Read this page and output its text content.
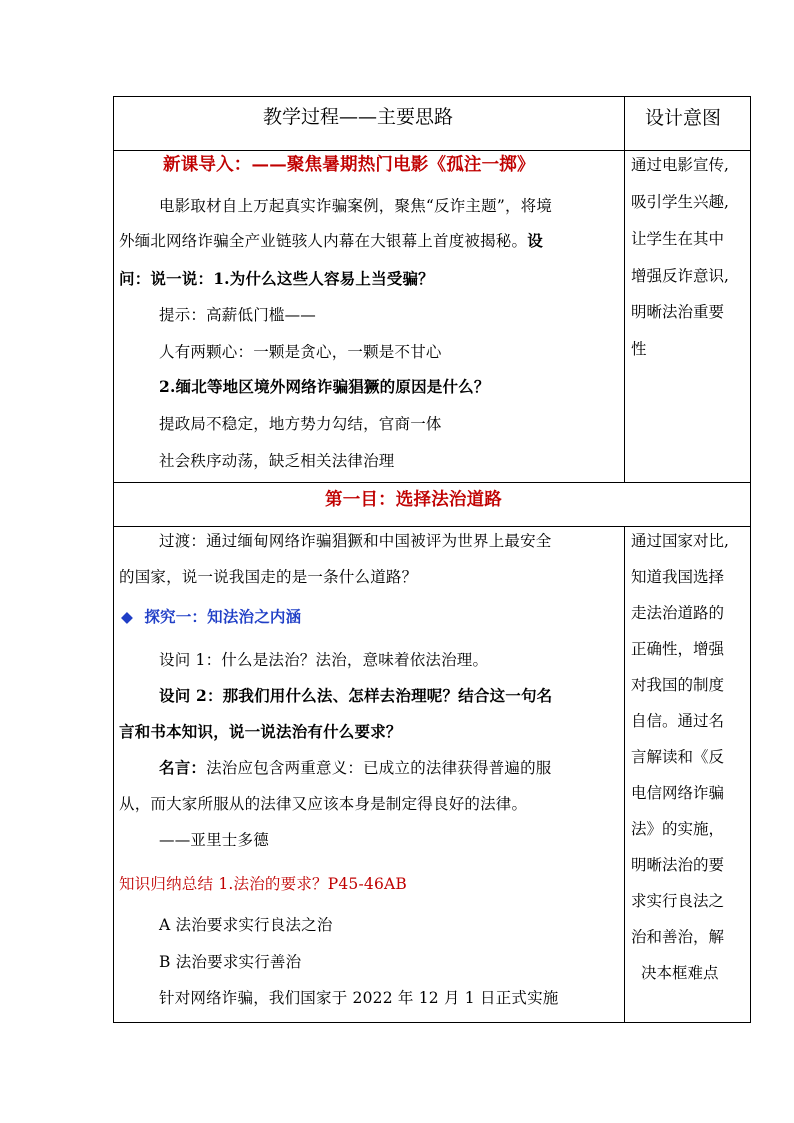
教学过程——主要思路	设计意图
新课导入：——聚焦暑期热门电影《孤注一掷》
电影取材自上万起真实诈骗案例，聚焦“反诈主题”，将境
外缅北网络诈骗全产业链骇人内幕在大银幕上首度被揭秘。设
问：说一说：1.为什么这些人容易上当受骗？
提示：高薪低门槛——
人有两颗心：一颗是贪心，一颗是不甘心
2.缅北等地区境外网络诈骗猖獗的原因是什么？
提政局不稳定，地方势力勾结，官商一体
社会秩序动荡，缺乏相关法律治理
通过电影宣传,
吸引学生兴趣,
让学生在其中
增强反诈意识,
明晰法治重要
性
第一目：选择法治道路
过渡：通过缅甸网络诈骗猖獗和中国被评为世界上最安全
的国家，说一说我国走的是一条什么道路？
◆ 探究一：知法治之内涵
设问 1：什么是法治？法治，意味着依法治理。
设问 2：那我们用什么法、怎样去治理呢？结合这一句名
言和书本知识，说一说法治有什么要求？
名言：法治应包含两重意义：已成立的法律获得普遍的服
从，而大家所服从的法律又应该本身是制定得良好的法律。
——亚里士多德
知识归纳总结 1.法治的要求？P45-46AB
A 法治要求实行良法之治
B 法治要求实行善治
针对网络诈骗，我们国家于 2022 年 12 月 1 日正式实施
通过国家对比,
知道我国选择
走法治道路的
正确性，增强
对我国的制度
自信。通过名
言解读和《反
电信网络诈骗
法》的实施，
明晰法治的要
求实行良法之
治和善治，解
决本框难点
